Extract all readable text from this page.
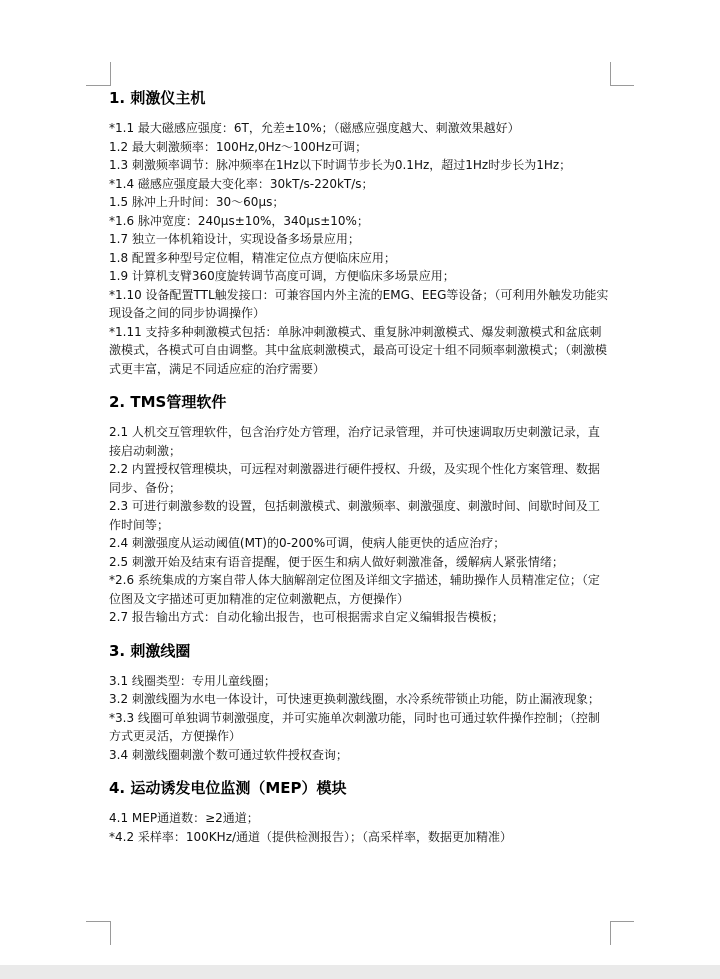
1. 刺激仪主机

*1.1 最大磁感应强度：6T，允差±10%；（磁感应强度越大、刺激效果越好）

1.2 最大刺激频率：100Hz,0Hz～100Hz可调；

1.3 刺激频率调节：脉冲频率在1Hz以下时调节步长为0.1Hz，超过1Hz时步长为1Hz；

*1.4 磁感应强度最大变化率：30kT/s-220kT/s；

1.5 脉冲上升时间：30～60μs；

*1.6 脉冲宽度：240μs±10%，340μs±10%；

1.7 独立一体机箱设计，实现设备多场景应用；

1.8 配置多种型号定位帽，精准定位点方便临床应用；

1.9 计算机支臂360度旋转调节高度可调，方便临床多场景应用；

*1.10 设备配置TTL触发接口：可兼容国内外主流的EMG、EEG等设备；（可利用外触发功能实现设备之间的同步协调操作）

*1.11 支持多种刺激模式包括：单脉冲刺激模式、重复脉冲刺激模式、爆发刺激模式和盆底刺激模式，各模式可自由调整。其中盆底刺激模式，最高可设定十组不同频率刺激模式；（刺激模式更丰富，满足不同适应症的治疗需要）

2. TMS管理软件

2.1 人机交互管理软件，包含治疗处方管理，治疗记录管理，并可快速调取历史刺激记录，直接启动刺激；

2.2 内置授权管理模块，可远程对刺激器进行硬件授权、升级，及实现个性化方案管理、数据同步、备份；

2.3 可进行刺激参数的设置，包括刺激模式、刺激频率、刺激强度、刺激时间、间歇时间及工作时间等；

2.4 刺激强度从运动阈值(MT)的0-200%可调，使病人能更快的适应治疗；

2.5 刺激开始及结束有语音提醒，便于医生和病人做好刺激准备，缓解病人紧张情绪；

*2.6 系统集成的方案自带人体大脑解剖定位图及详细文字描述，辅助操作人员精准定位；（定位图及文字描述可更加精准的定位刺激靶点，方便操作）

2.7 报告输出方式：自动化输出报告，也可根据需求自定义编辑报告模板；

3. 刺激线圈

3.1 线圈类型：专用儿童线圈；

3.2 刺激线圈为水电一体设计，可快速更换刺激线圈，水冷系统带锁止功能，防止漏液现象；

*3.3 线圈可单独调节刺激强度，并可实施单次刺激功能，同时也可通过软件操作控制；（控制方式更灵活，方便操作）

3.4 刺激线圈刺激个数可通过软件授权查询；

4. 运动诱发电位监测（MEP）模块

4.1 MEP通道数：≥2通道；

*4.2 采样率：100KHz/通道（提供检测报告）；（高采样率，数据更加精准）
